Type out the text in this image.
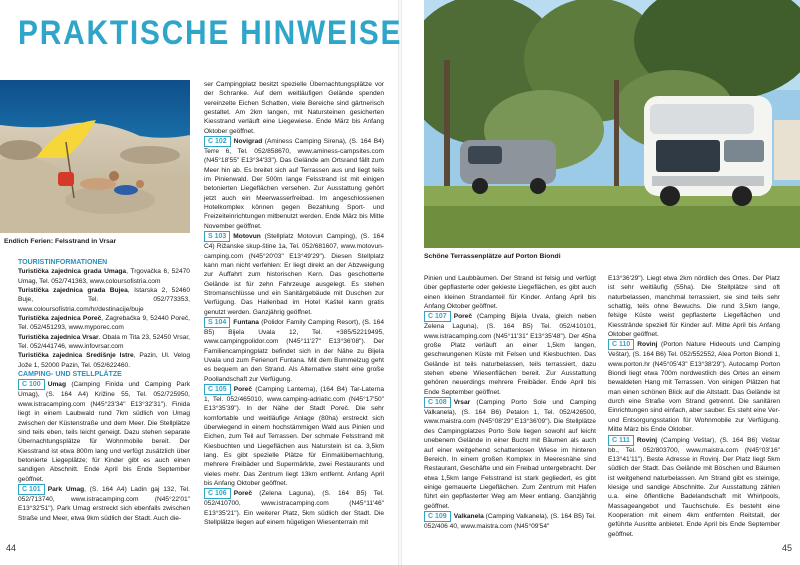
PRAKTISCHE HINWEISE
Endlich Ferien: Felsstrand in Vrsar
Schöne Terrassenplätze auf Porton Biondi

TOURISTINFORMATIONEN

Turistička zajednica grada Umaga, Trgovačka 6, 52470 Umag, Tel. 052/741363, www.coloursofistria.com

Turistička zajednica grada Bujea, Istarska 2, 52460 Buje, Tel. 052/773353, www.coloursofistria.com/hr/destinacije/buje

Turistička zajednica Poreč, Zagrebačka 9, 52440 Poreč, Tel. 052/451293, www.myporec.com

Turistička zajednica Vrsar. Obala m Tita 23, 52450 Vrsar, Tel. 052/441746, www.infovrsar.com

Turistička zajednica Središnje Istre, Pazin, Ul. Velog Jože 1, 52000 Pazin, Tel. 052/622460.

CAMPING- UND STELLPLÄTZE

C 100 Umag (Camping Finida und Camping Park Umag), (S. 164 A4) Križine 55, Tel. 052/725950, www.istracamping.com (N45°23'34" E13°32'31"). Finida liegt in einem Laubwald rund 7km südlich von Umag zwischen der Küstenstraße und dem Meer. Die Stellplätze sind teils eben, teils leicht geneigt. Dazu stehen separate Übernachtungsplätze für Wohnmobile bereit. Der Kiesstrand ist etwa 800m lang und verfügt zusätzlich über betonierte Liegeplätze; für Kinder gibt es auch einen sandigen Abschnitt. Ende April bis Ende September geöffnet.

C 101 Park Umag, (S. 164 A4) Ladin gaj 132, Tel. 052/713740, www.istracamping.com (N45°22'01" E13°32'51"). Park Umag erstreckt sich ebenfalls zwischen Straße und Meer, etwa 9km südlich der Stadt. Auch die-

ser Campingplatz besitzt spezielle Übernachtungsplätze vor der Schranke. Auf dem weitläufigen Gelände spenden vereinzelte Eichen Schatten, viele Bereiche sind gärtnerisch gestaltet. Am 2km langen, mit Natursteinen gesicherten Kiesstrand verläuft eine Liegewiese. Ende März bis Anfang Oktober geöffnet.

C 102 Novigrad (Aminess Camping Sirena), (S. 164 B4) Terre 6, Tel. 052/858670, www.aminess-campsites.com (N45°18'55" E13°34'33"). Das Gelände am Ortsrand fällt zum Meer hin ab. Es breitet sich auf Terrassen aus und liegt teils im Pinienwald. Der 500m lange Felsstrand ist mit einigen betonierten Liegeflächen versehen. Zur Ausstattung gehört jetzt auch ein Meerwasserfreibad. Im angeschlossenen Hotelkomplex können gegen Bezahlung Sport- und Freizeiteinrichtungen mitbenutzt werden. Ende März bis Mitte November geöffnet.

S 103 Motovun (Stellplatz Motovun Camping), (S. 164 C4) Rižanske skup-štine 1a, Tel. 052/681607, www.motovun-camping.com (N45°20'03" E13°49'29"). Diesen Stellplatz kann man nicht verfehlen: Er liegt direkt an der Abzweigung zur Auffahrt zum historischen Kern. Das geschotterte Gelände ist für zehn Fahrzeuge ausgelegt. Es stehen Stromanschlüsse und ein Sanitärgebäude mit Duschen zur Verfügung. Das Hallenbad im Hotel Kaštel kann gratis genutzt werden. Ganzjährig geöffnet.

S 104 Funtana (Polidor Family Camping Resort), (S. 164 B5) Bijela Uvala 12, Tel. +385/52219495, www.campingpolidor.com (N45°11'27" E13°36'08"). Der Familiencampingplatz befindet sich in der Nähe zu Bijela Uvala und zum Ferienort Funtana. Mit dem Bummelzug geht es bequem an den Strand. Als Alternative steht eine große Poollandschaft zur Verfügung.

C 105 Poreč (Camping Lanterna), (164 B4) Tar-Laterna 1, Tel. 052/465010, www.camping-adriatic.com (N45°17'50" E13°35'39"). In der Nähe der Stadt Poreč. Die sehr komfortable und weitläufige Anlage (80ha) erstreckt sich überwiegend in einem hochstämmigen Wald aus Pinien und Eichen, zum Teil auf Terrassen. Der schmale Felsstrand mit Kiesbuchten und Liegeflächen aus Naturstein ist ca. 3,5km lang. Es gibt spezielle Plätze für Einmalübernachtung, mehrere Freibäder und Supermärkte, zwei Restaurants und vieles mehr. Das Zentrum liegt 13km entfernt. Anfang April bis Anfang Oktober geöffnet.

C 106 Poreč (Zelena Laguna), (S. 164 B5) Tel. 052/410700, www.istracamping.com (N45°11'46" E13°35'21"). Ein weiterer Platz, 5km südlich der Stadt. Die Stellplätze liegen auf einem hügeligen Wiesenterrain mit

Pinien und Laubbäumen. Der Strand ist felsig und verfügt über gepflasterte oder gekieste Liegeflächen, es gibt auch einen kleinen Strandanteil für Kinder. Anfang April bis Anfang Oktober geöffnet.

C 107 Poreč (Camping Bijela Uvala, gleich neben Zelena Laguna), (S. 164 B5) Tel. 052/410101, www.istracamping.com (N45°11'31" E13°35'48"). Der 45ha große Platz verläuft an einer 1,5km langen, geschwungenen Küste mit Felsen und Kiesbuchten. Das Gelände ist teils naturbelassen, teils terrassiert, dazu stehen ebene Wiesenflächen bereit. Zur Ausstattung gehören neuerdings mehrere Freibäder. Ende April bis Ende September geöffnet.

C 108 Vrsar (Camping Porto Sole und Camping Valkanela), (S. 164 B6) Petalon 1, Tel. 052/426500, www.maistra.com (N45°08'29" E13°36'09"). Die Stellplätze des Campingplatzes Porto Sole liegen sowohl auf leicht unebenem Gelände in einer Bucht mit Bäumen als auch auf einer weitgehend schattenlosen Wiese im hinteren Bereich. In einem großen Komplex in Meeresnähe sind Restaurant, Geschäfte und ein Freibad untergebracht. Der etwa 1,5km lange Felsstrand ist stark gegliedert, es gibt einige gemauerte Liegeflächen. Zum Zentrum mit Hafen führt ein gepflasterter Weg am Meer entlang. Ganzjährig geöffnet.

C 109 Valkanela (Camping Valkanela), (S. 164 B5) Tel. 052/406 40, www.maistra.com (N45°09'54"

E13°36'29"). Liegt etwa 2km nördlich des Ortes. Der Platz ist sehr weitläufig (55ha). Die Stellplätze sind oft naturbelassen, manchmal terrassiert, sie sind teils sehr schattig, teils ohne Bewuchs. Die rund 3,5km lange, felsige Küste weist gepflasterte Liegeflächen und Kiesstrände speziell für Kinder auf. Mitte April bis Anfang Oktober geöffnet.

C 110 Rovinj (Porton Nature Hideouts und Camping Veštar), (S. 164 B6) Tel. 052/552552, Alea Porton Biondi 1, www.porton.hr (N45°05'43" E13°38'29"). Autocamp Porton Biondi liegt etwa 700m nordwestlich des Ortes an einem bewaldeten Hang mit Terrassen. Von einigen Plätzen hat man einen schönen Blick auf die Altstadt. Das Gelände ist durch eine Straße vom Strand getrennt. Die sanitären Einrichtungen sind einfach, aber sauber. Es steht eine Ver- und Entsorgungsstation für Wohnmobile zur Verfügung. Mitte März bis Ende Oktober.

C 111 Rovinj (Camping Veštar), (S. 164 B6) Veštar bb., Tel. 052/803700, www.maistra.com (N45°03'16" E13°41'11"). Beste Adresse in Rovinj. Der Platz liegt 5km südlich der Stadt. Das Gelände mit Böschen und Bäumen ist weitgehend naturbelassen. Am Strand gibt es steinige, kiesige und sandige Abschnitte. Zur Ausstattung zählen u.a. eine öffentliche Badelandschaft mit Whirlpools, Massageangebot und Tauchschule. Es besteht eine Kooperation mit einem 4km entfernten Reitstall, der geführte Ausritte anbietet. Ende April bis Ende September geöffnet.

44	45
